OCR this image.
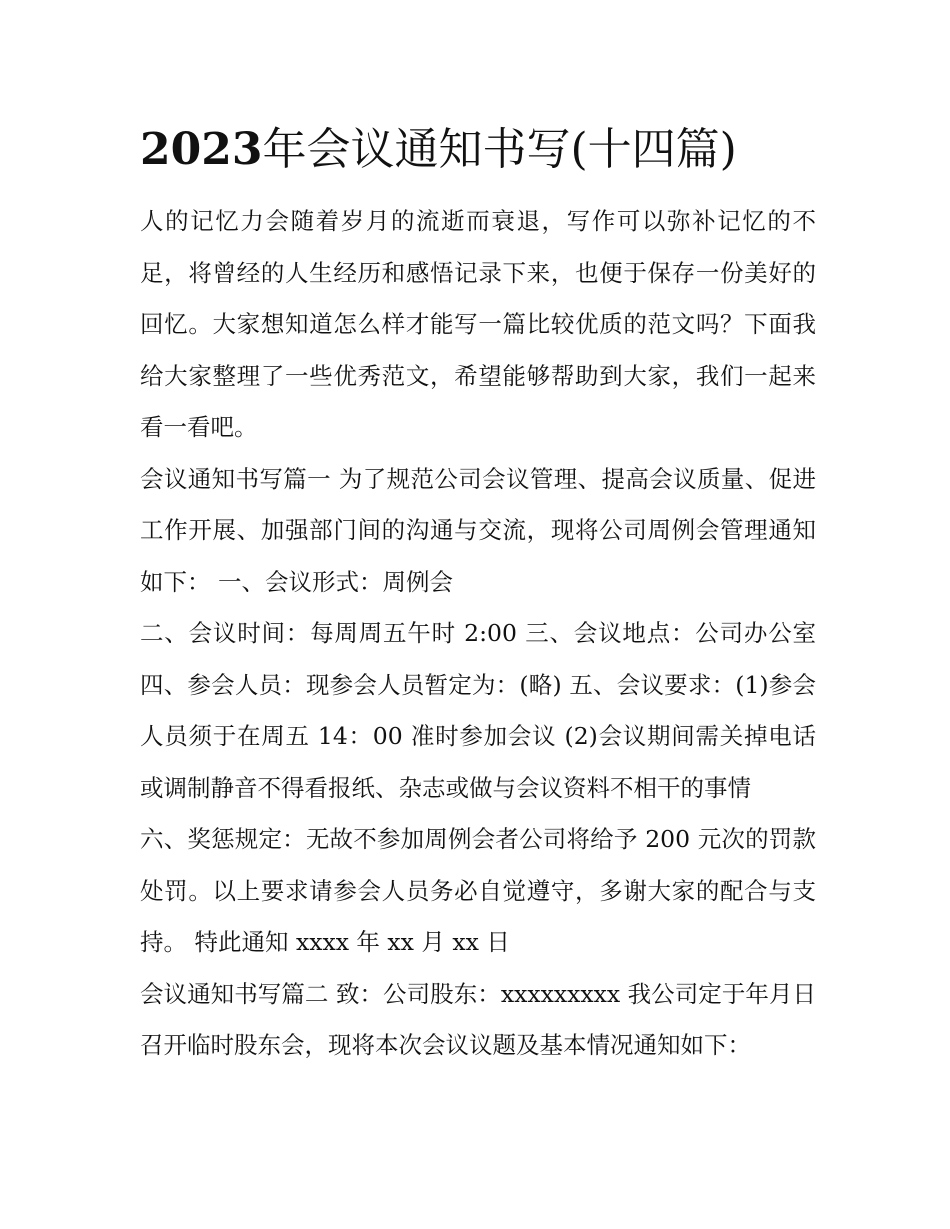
2023年会议通知书写(十四篇)

人的记忆力会随着岁月的流逝而衰退，写作可以弥补记忆的不足，将曾经的人生经历和感悟记录下来，也便于保存一份美好的回忆。大家想知道怎么样才能写一篇比较优质的范文吗？下面我给大家整理了一些优秀范文，希望能够帮助到大家，我们一起来看一看吧。

会议通知书写篇一 为了规范公司会议管理、提高会议质量、促进工作开展、加强部门间的沟通与交流，现将公司周例会管理通知如下： 一、会议形式：周例会

二、会议时间：每周周五午时 2:00 三、会议地点：公司办公室 四、参会人员：现参会人员暂定为：(略) 五、会议要求：(1)参会人员须于在周五 14：00 准时参加会议 (2)会议期间需关掉电话或调制静音不得看报纸、杂志或做与会议资料不相干的事情

六、奖惩规定：无故不参加周例会者公司将给予 200 元次的罚款处罚。以上要求请参会人员务必自觉遵守，多谢大家的配合与支持。 特此通知 xxxx 年 xx 月 xx 日

会议通知书写篇二 致：公司股东：xxxxxxxxx 我公司定于年月日召开临时股东会，现将本次会议议题及基本情况通知如下：
